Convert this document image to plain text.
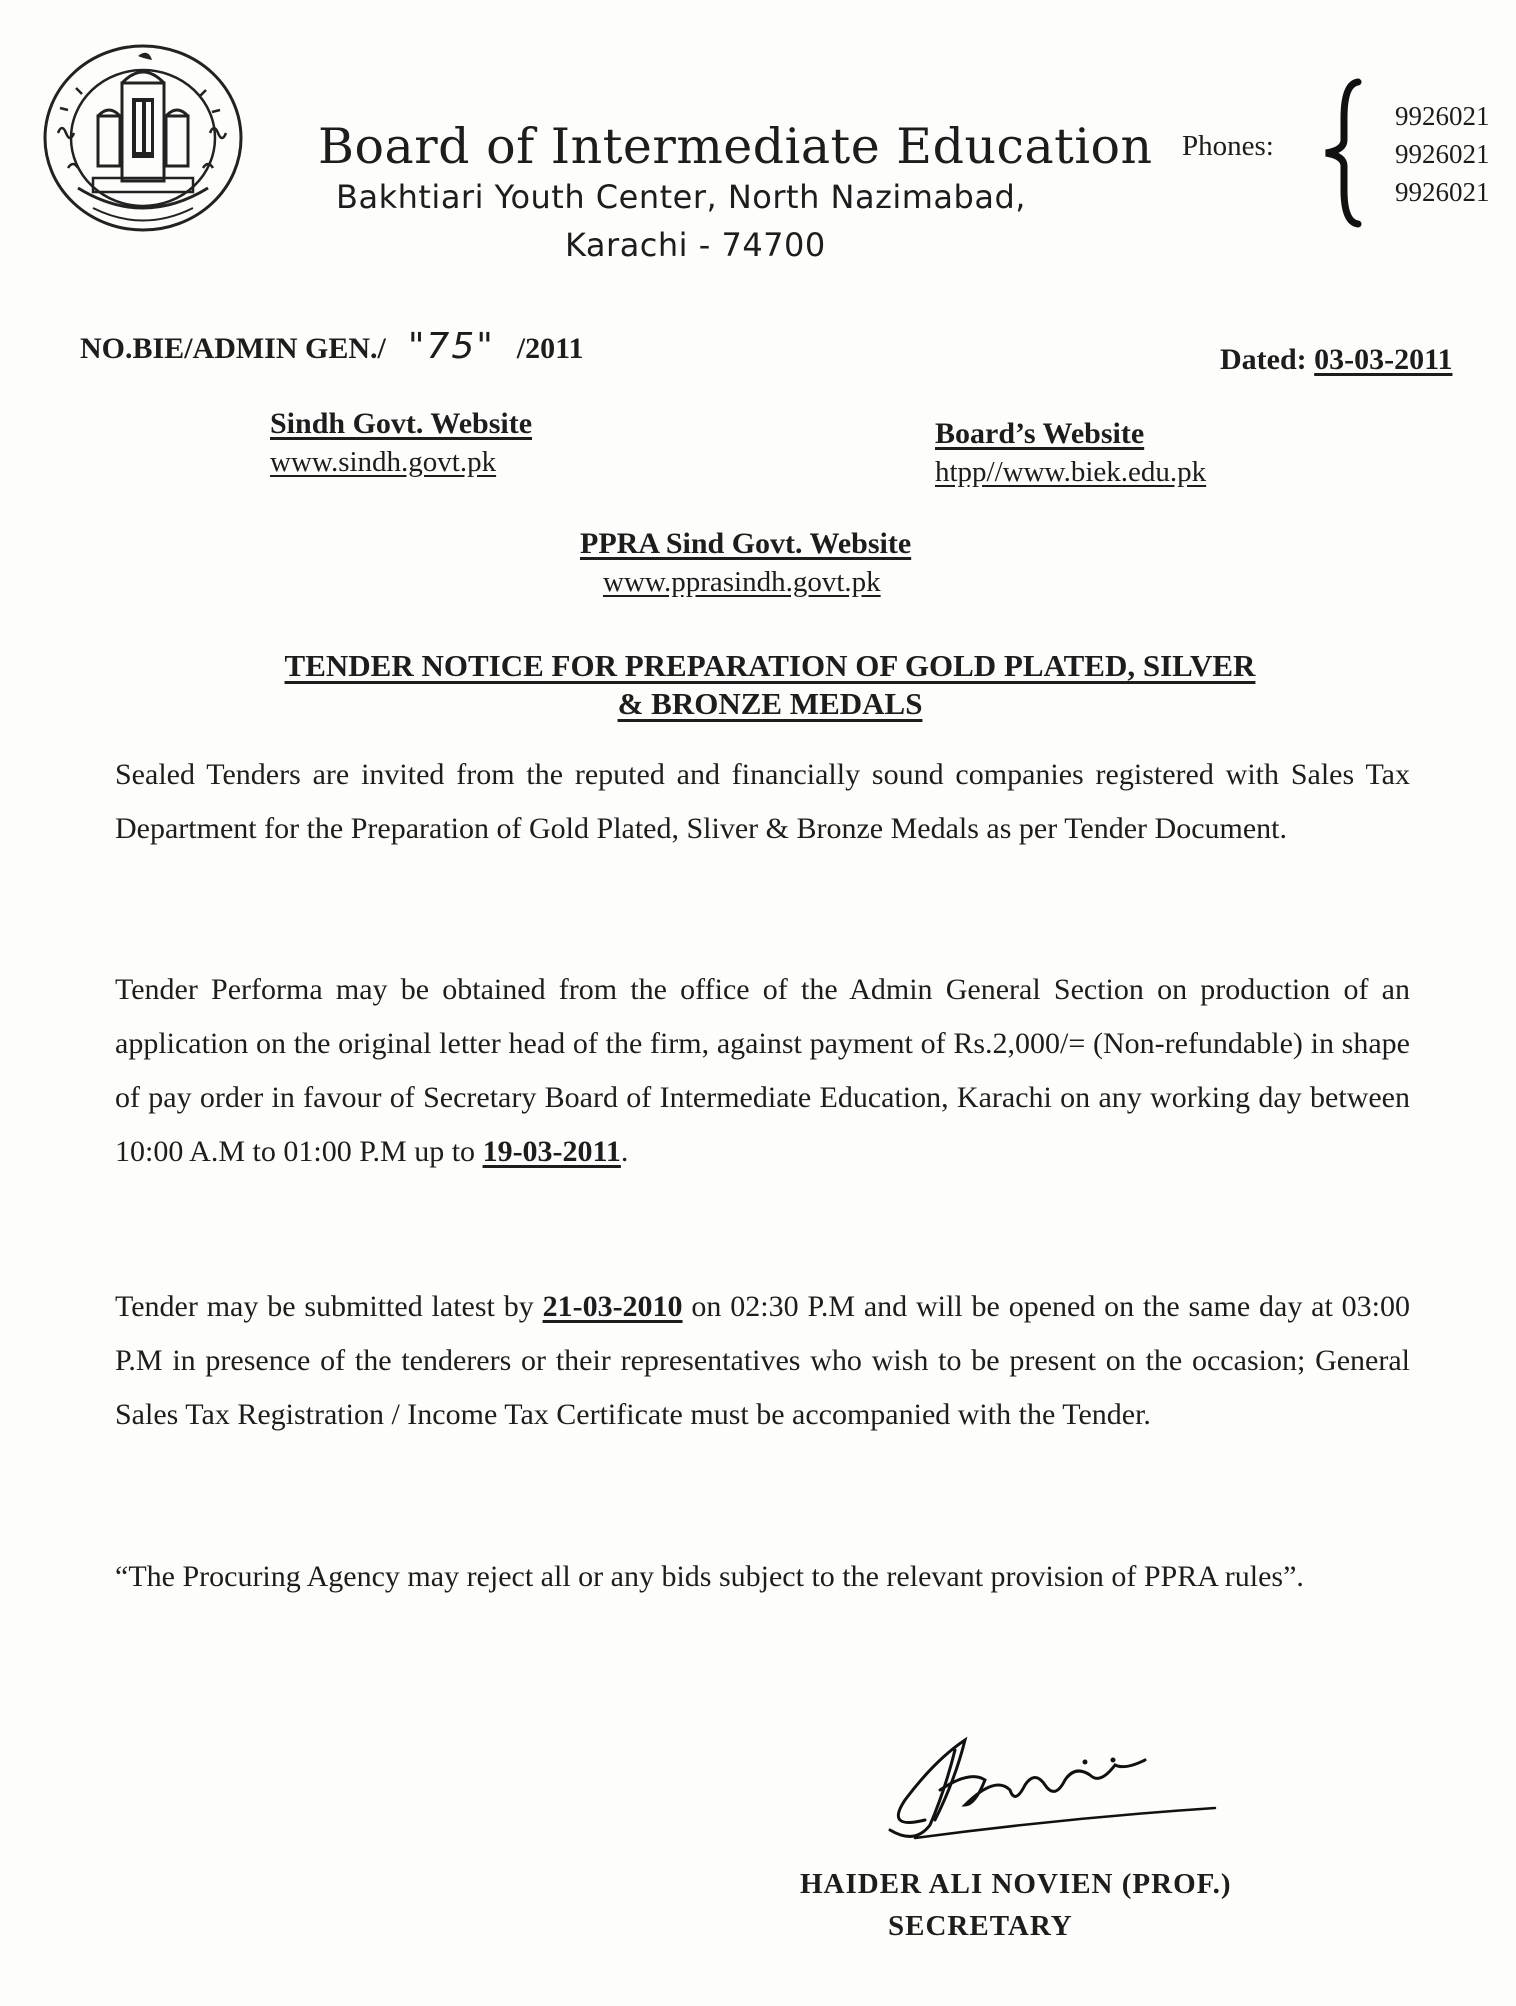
Board of Intermediate Education
Bakhtiari Youth Center, North Nazimabad,
Karachi - 74700
Phones:
9926021
9926021
9926021
NO.BIE/ADMIN GEN./ "75" /2011	Dated: 03-03-2011
Sindh Govt. Website
www.sindh.govt.pk
Board’s Website
htpp//www.biek.edu.pk
PPRA Sind Govt. Website
www.pprasindh.govt.pk
TENDER NOTICE FOR PREPARATION OF GOLD PLATED, SILVER
& BRONZE MEDALS
Sealed Tenders are invited from the reputed and financially sound companies registered with Sales Tax Department for the Preparation of Gold Plated, Sliver & Bronze Medals as per Tender Document.
Tender Performa may be obtained from the office of the Admin General Section on production of an application on the original letter head of the firm, against payment of Rs.2,000/= (Non-refundable) in shape of pay order in favour of Secretary Board of Intermediate Education, Karachi on any working day between 10:00 A.M to 01:00 P.M up to 19-03-2011.
Tender may be submitted latest by 21-03-2010 on 02:30 P.M and will be opened on the same day at 03:00 P.M in presence of the tenderers or their representatives who wish to be present on the occasion; General Sales Tax Registration / Income Tax Certificate must be accompanied with the Tender.
“The Procuring Agency may reject all or any bids subject to the relevant provision of PPRA rules”.
HAIDER ALI NOVIEN (PROF.)
SECRETARY
